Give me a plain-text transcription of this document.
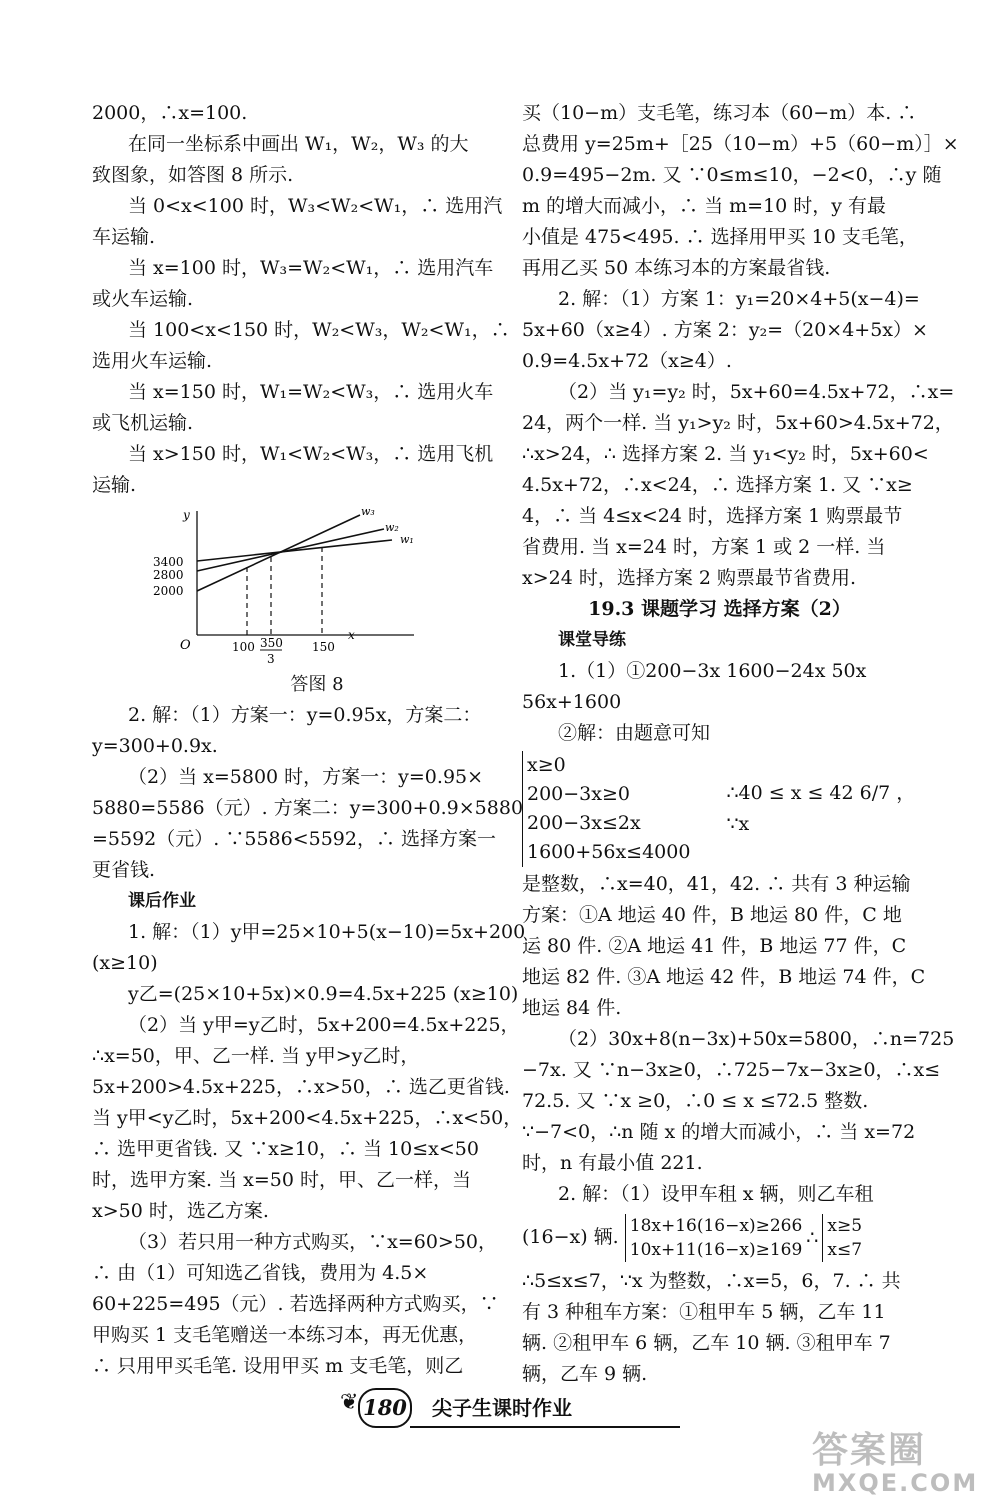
2000，∴x=100.

在同一坐标系中画出 W₁，W₂，W₃ 的大

致图象，如答图 8 所示.

当 0<x<100 时，W₃<W₂<W₁，∴ 选用汽

车运输.

当 x=100 时，W₃=W₂<W₁，∴ 选用汽车

或火车运输.

当 100<x<150 时，W₂<W₃，W₂<W₁，∴

选用火车运输.

当 x=150 时，W₁=W₂<W₃，∴ 选用火车

或飞机运输.

当 x>150 时，W₁<W₂<W₃，∴ 选用飞机

运输.

y
x
O
3400
2800
2000
100 350
3
150
w₃
w₂
w₁

答图 8

2. 解：（1）方案一：y=0.95x，方案二：

y=300+0.9x.

（2）当 x=5800 时，方案一：y=0.95×

5880=5586（元）. 方案二：y=300+0.9×5880

=5592（元）. ∵5586<5592，∴ 选择方案一

更省钱.

课后作业

1. 解：（1）y甲=25×10+5(x−10)=5x+200

(x≥10)

y乙=(25×10+5x)×0.9=4.5x+225 (x≥10)

（2）当 y甲=y乙时，5x+200=4.5x+225，

∴x=50，甲、乙一样. 当 y甲>y乙时，

5x+200>4.5x+225，∴x>50，∴ 选乙更省钱.

当 y甲<y乙时，5x+200<4.5x+225，∴x<50，

∴ 选甲更省钱. 又 ∵x≥10，∴ 当 10≤x<50

时，选甲方案. 当 x=50 时，甲、乙一样，当

x>50 时，选乙方案.

（3）若只用一种方式购买，∵x=60>50，

∴ 由（1）可知选乙省钱，费用为 4.5×

60+225=495（元）. 若选择两种方式购买，∵

甲购买 1 支毛笔赠送一本练习本，再无优惠，

∴ 只用甲买毛笔. 设用甲买 m 支毛笔，则乙

买（10−m）支毛笔，练习本（60−m）本. ∴

总费用 y=25m+［25（10−m）+5（60−m）］×

0.9=495−2m. 又 ∵0≤m≤10，−2<0，∴y 随

m 的增大而减小，∴ 当 m=10 时，y 有最

小值是 475<495. ∴ 选择用甲买 10 支毛笔，

再用乙买 50 本练习本的方案最省钱.

2. 解：（1）方案 1：y₁=20×4+5(x−4)=

5x+60（x≥4）. 方案 2：y₂=（20×4+5x）×

0.9=4.5x+72（x≥4）.

（2）当 y₁=y₂ 时，5x+60=4.5x+72，∴x=

24，两个一样. 当 y₁>y₂ 时，5x+60>4.5x+72，

∴x>24，∴ 选择方案 2. 当 y₁<y₂ 时，5x+60<

4.5x+72，∴x<24，∴ 选择方案 1. 又 ∵x≥

4，∴ 当 4≤x<24 时，选择方案 1 购票最节

省费用. 当 x=24 时，方案 1 或 2 一样. 当

x>24 时，选择方案 2 购票最节省费用.

19.3 课题学习 选择方案（2）

课堂导练

1.（1）①200−3x 1600−24x 50x

56x+1600

②解：由题意可知

x≥0
200−3x≥0
200−3x≤2x
1600+56x≤4000
∴40 ≤ x ≤ 42 6/7 ，∵x

是整数，∴x=40，41，42. ∴ 共有 3 种运输

方案：①A 地运 40 件，B 地运 80 件，C 地

运 80 件. ②A 地运 41 件，B 地运 77 件，C

地运 82 件. ③A 地运 42 件，B 地运 74 件，C

地运 84 件.

（2）30x+8(n−3x)+50x=5800，∴n=725

−7x. 又 ∵n−3x≥0，∴725−7x−3x≥0，∴x≤

72.5. 又 ∵x ≥0，∴0 ≤ x ≤72.5 整数.

∵−7<0，∴n 随 x 的增大而减小，∴ 当 x=72

时，n 有最小值 221.

2. 解：（1）设甲车租 x 辆，则乙车租

(16−x) 辆. 18x+16(16−x)≥266
10x+11(16−x)≥169
∴
x≥5
x≤7

∴5≤x≤7，∵x 为整数，∴x=5，6，7. ∴ 共

有 3 种租车方案：①租甲车 5 辆，乙车 11

辆. ②租甲车 6 辆，乙车 10 辆. ③租甲车 7

辆，乙车 9 辆.

❦ 180 尖子生课时作业
答案圈
MXQE.COM
